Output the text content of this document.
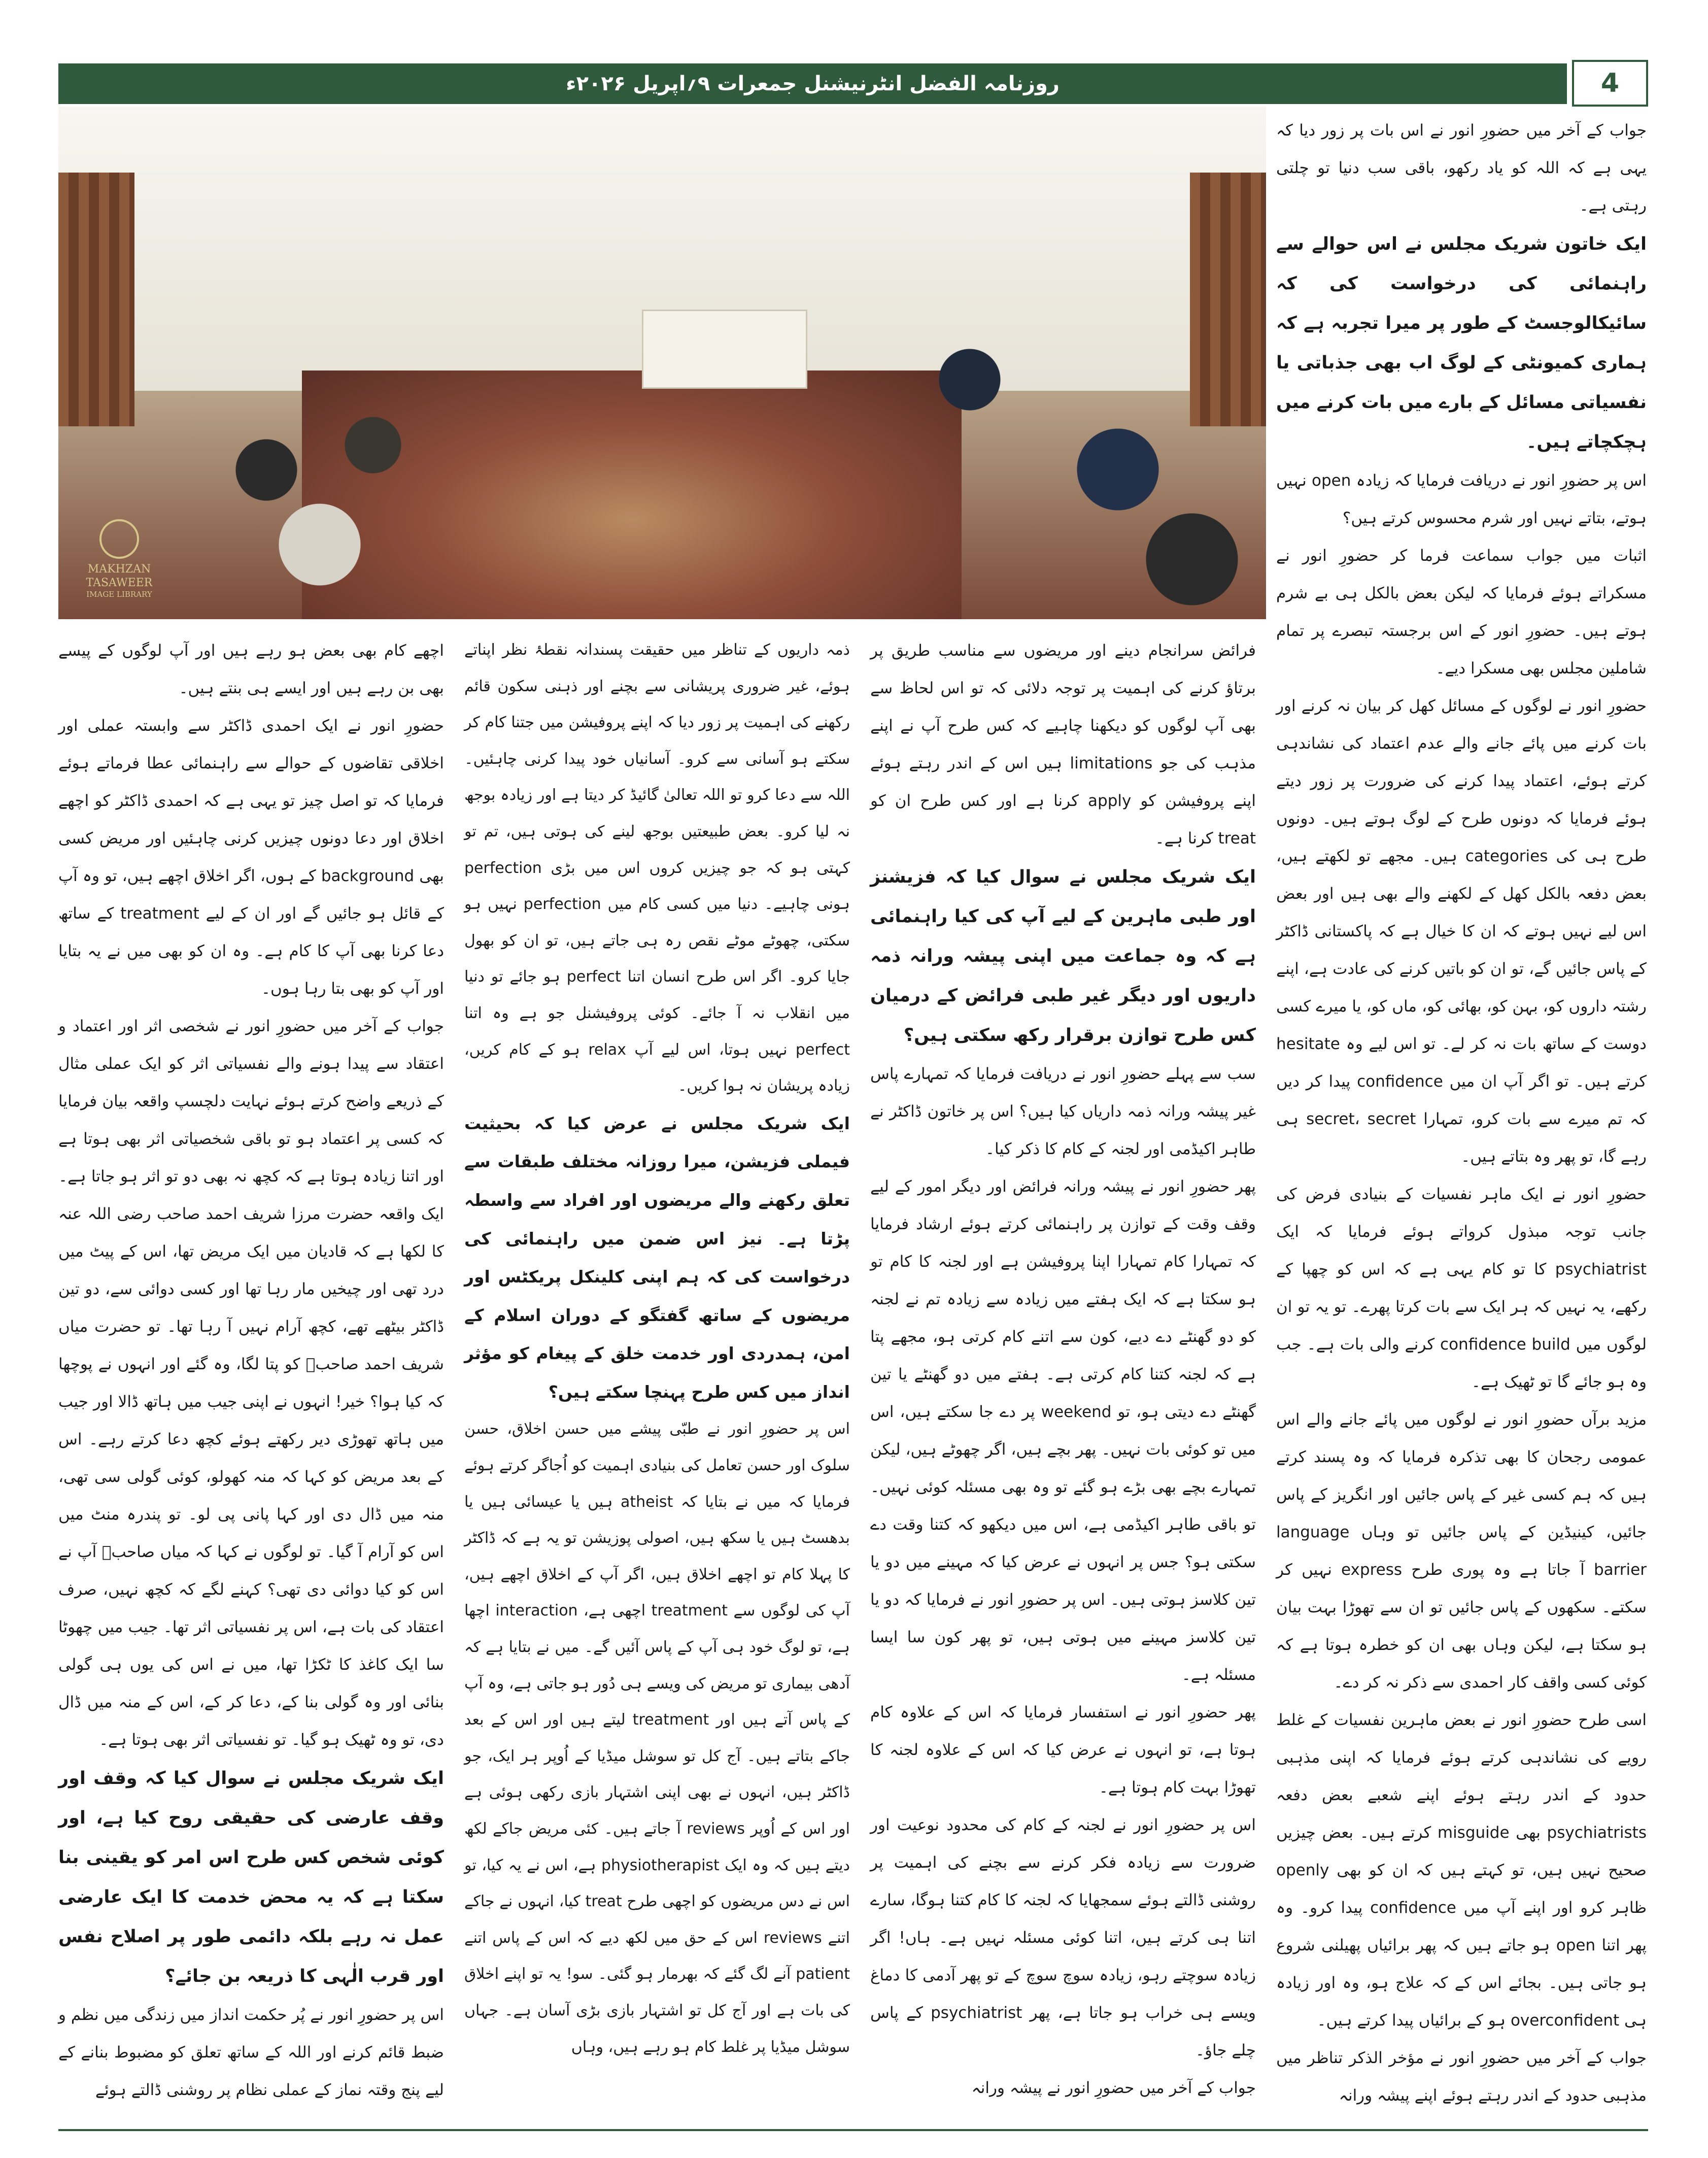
روزنامہ الفضل انٹرنیشنل جمعرات ۹؍اپریل ۲۰۲۶ء	4
MAKHZAN
TASAWEER
IMAGE LIBRARY

جواب کے آخر میں حضورِ انور نے اس بات پر زور دیا کہ یہی ہے کہ اللہ کو یاد رکھو، باقی سب دنیا تو چلتی رہتی ہے۔

ایک خاتون شریک مجلس نے اس حوالے سے راہنمائی کی درخواست کی کہ سائیکالوجسٹ کے طور پر میرا تجربہ ہے کہ ہماری کمیونٹی کے لوگ اب بھی جذباتی یا نفسیاتی مسائل کے بارے میں بات کرنے میں ہچکچاتے ہیں۔

اس پر حضورِ انور نے دریافت فرمایا کہ زیادہ open نہیں ہوتے، بتاتے نہیں اور شرم محسوس کرتے ہیں؟

اثبات میں جواب سماعت فرما کر حضورِ انور نے مسکراتے ہوئے فرمایا کہ لیکن بعض بالکل ہی بے شرم ہوتے ہیں۔ حضورِ انور کے اس برجستہ تبصرے پر تمام شاملین مجلس بھی مسکرا دیے۔

حضورِ انور نے لوگوں کے مسائل کھل کر بیان نہ کرنے اور بات کرنے میں پائے جانے والے عدم اعتماد کی نشاندہی کرتے ہوئے، اعتماد پیدا کرنے کی ضرورت پر زور دیتے ہوئے فرمایا کہ دونوں طرح کے لوگ ہوتے ہیں۔ دونوں طرح ہی کی categories ہیں۔ مجھے تو لکھتے ہیں، بعض دفعہ بالکل کھل کے لکھنے والے بھی ہیں اور بعض اس لیے نہیں ہوتے کہ ان کا خیال ہے کہ پاکستانی ڈاکٹر کے پاس جائیں گے، تو ان کو باتیں کرنے کی عادت ہے، اپنے رشتہ داروں کو، بہن کو، بھائی کو، ماں کو، یا میرے کسی دوست کے ساتھ بات نہ کر لے۔ تو اس لیے وہ hesitate کرتے ہیں۔ تو اگر آپ ان میں confidence پیدا کر دیں کہ تم میرے سے بات کرو، تمہارا secret، secret ہی رہے گا، تو پھر وہ بتاتے ہیں۔

حضورِ انور نے ایک ماہر نفسیات کے بنیادی فرض کی جانب توجہ مبذول کرواتے ہوئے فرمایا کہ ایک psychiatrist کا تو کام یہی ہے کہ اس کو چھپا کے رکھے، یہ نہیں کہ ہر ایک سے بات کرتا پھرے۔ تو یہ تو ان لوگوں میں confidence build کرنے والی بات ہے۔ جب وہ ہو جائے گا تو ٹھیک ہے۔

مزید برآں حضورِ انور نے لوگوں میں پائے جانے والے اس عمومی رجحان کا بھی تذکرہ فرمایا کہ وہ پسند کرتے ہیں کہ ہم کسی غیر کے پاس جائیں اور انگریز کے پاس جائیں، کینیڈین کے پاس جائیں تو وہاں language barrier آ جاتا ہے وہ پوری طرح express نہیں کر سکتے۔ سکھوں کے پاس جائیں تو ان سے تھوڑا بہت بیان ہو سکتا ہے، لیکن وہاں بھی ان کو خطرہ ہوتا ہے کہ کوئی کسی واقف کار احمدی سے ذکر نہ کر دے۔

اسی طرح حضورِ انور نے بعض ماہرین نفسیات کے غلط رویے کی نشاندہی کرتے ہوئے فرمایا کہ اپنی مذہبی حدود کے اندر رہتے ہوئے اپنے شعبے بعض دفعہ psychiatrists بھی misguide کرتے ہیں۔ بعض چیزیں صحیح نہیں ہیں، تو کہتے ہیں کہ ان کو بھی openly ظاہر کرو اور اپنے آپ میں confidence پیدا کرو۔ وہ پھر اتنا open ہو جاتے ہیں کہ پھر برائیاں پھیلنی شروع ہو جاتی ہیں۔ بجائے اس کے کہ علاج ہو، وہ اور زیادہ ہی overconfident ہو کے برائیاں پیدا کرتے ہیں۔

جواب کے آخر میں حضورِ انور نے مؤخر الذکر تناظر میں مذہبی حدود کے اندر رہتے ہوئے اپنے پیشہ ورانہ

فرائض سرانجام دینے اور مریضوں سے مناسب طریق پر برتاؤ کرنے کی اہمیت پر توجہ دلائی کہ تو اس لحاظ سے بھی آپ لوگوں کو دیکھنا چاہیے کہ کس طرح آپ نے اپنے مذہب کی جو limitations ہیں اس کے اندر رہتے ہوئے اپنے پروفیشن کو apply کرنا ہے اور کس طرح ان کو treat کرنا ہے۔

ایک شریک مجلس نے سوال کیا کہ فزیشنز اور طبی ماہرین کے لیے آپ کی کیا راہنمائی ہے کہ وہ جماعت میں اپنی پیشہ ورانہ ذمہ داریوں اور دیگر غیر طبی فرائض کے درمیان کس طرح توازن برقرار رکھ سکتی ہیں؟

سب سے پہلے حضورِ انور نے دریافت فرمایا کہ تمہارے پاس غیر پیشہ ورانہ ذمہ داریاں کیا ہیں؟ اس پر خاتون ڈاکٹر نے طاہر اکیڈمی اور لجنہ کے کام کا ذکر کیا۔

پھر حضورِ انور نے پیشہ ورانہ فرائض اور دیگر امور کے لیے وقف وقت کے توازن پر راہنمائی کرتے ہوئے ارشاد فرمایا کہ تمہارا کام تمہارا اپنا پروفیشن ہے اور لجنہ کا کام تو ہو سکتا ہے کہ ایک ہفتے میں زیادہ سے زیادہ تم نے لجنہ کو دو گھنٹے دے دیے، کون سے اتنے کام کرتی ہو، مجھے پتا ہے کہ لجنہ کتنا کام کرتی ہے۔ ہفتے میں دو گھنٹے یا تین گھنٹے دے دیتی ہو، تو weekend پر دے جا سکتے ہیں، اس میں تو کوئی بات نہیں۔ پھر بچے ہیں، اگر چھوٹے ہیں، لیکن تمہارے بچے بھی بڑے ہو گئے تو وہ بھی مسئلہ کوئی نہیں۔ تو باقی طاہر اکیڈمی ہے، اس میں دیکھو کہ کتنا وقت دے سکتی ہو؟ جس پر انہوں نے عرض کیا کہ مہینے میں دو یا تین کلاسز ہوتی ہیں۔ اس پر حضورِ انور نے فرمایا کہ دو یا تین کلاسز مہینے میں ہوتی ہیں، تو پھر کون سا ایسا مسئلہ ہے۔

پھر حضورِ انور نے استفسار فرمایا کہ اس کے علاوہ کام ہوتا ہے، تو انہوں نے عرض کیا کہ اس کے علاوہ لجنہ کا تھوڑا بہت کام ہوتا ہے۔

اس پر حضورِ انور نے لجنہ کے کام کی محدود نوعیت اور ضرورت سے زیادہ فکر کرنے سے بچنے کی اہمیت پر روشنی ڈالتے ہوئے سمجھایا کہ لجنہ کا کام کتنا ہوگا، سارے اتنا ہی کرتے ہیں، اتنا کوئی مسئلہ نہیں ہے۔ ہاں! اگر زیادہ سوچتے رہو، زیادہ سوچ سوچ کے تو پھر آدمی کا دماغ ویسے ہی خراب ہو جاتا ہے، پھر psychiatrist کے پاس چلے جاؤ۔

جواب کے آخر میں حضورِ انور نے پیشہ ورانہ

ذمہ داریوں کے تناظر میں حقیقت پسندانہ نقطۂ نظر اپناتے ہوئے، غیر ضروری پریشانی سے بچنے اور ذہنی سکون قائم رکھنے کی اہمیت پر زور دیا کہ اپنے پروفیشن میں جتنا کام کر سکتے ہو آسانی سے کرو۔ آسانیاں خود پیدا کرنی چاہئیں۔ اللہ سے دعا کرو تو اللہ تعالیٰ گائیڈ کر دیتا ہے اور زیادہ بوجھ نہ لیا کرو۔ بعض طبیعتیں بوجھ لینے کی ہوتی ہیں، تم تو کہتی ہو کہ جو چیزیں کروں اس میں بڑی perfection ہونی چاہیے۔ دنیا میں کسی کام میں perfection نہیں ہو سکتی، چھوٹے موٹے نقص رہ ہی جاتے ہیں، تو ان کو بھول جایا کرو۔ اگر اس طرح انسان اتنا perfect ہو جائے تو دنیا میں انقلاب نہ آ جائے۔ کوئی پروفیشنل جو ہے وہ اتنا perfect نہیں ہوتا، اس لیے آپ relax ہو کے کام کریں، زیادہ پریشان نہ ہوا کریں۔

ایک شریک مجلس نے عرض کیا کہ بحیثیت فیملی فزیشن، میرا روزانہ مختلف طبقات سے تعلق رکھنے والے مریضوں اور افراد سے واسطہ پڑتا ہے۔ نیز اس ضمن میں راہنمائی کی درخواست کی کہ ہم اپنی کلینکل پریکٹس اور مریضوں کے ساتھ گفتگو کے دوران اسلام کے امن، ہمدردی اور خدمت خلق کے پیغام کو مؤثر انداز میں کس طرح پہنچا سکتے ہیں؟

اس پر حضورِ انور نے طبّی پیشے میں حسن اخلاق، حسن سلوک اور حسن تعامل کی بنیادی اہمیت کو اُجاگر کرتے ہوئے فرمایا کہ میں نے بتایا کہ atheist ہیں یا عیسائی ہیں یا بدھسٹ ہیں یا سکھ ہیں، اصولی پوزیشن تو یہ ہے کہ ڈاکٹر کا پہلا کام تو اچھے اخلاق ہیں، اگر آپ کے اخلاق اچھے ہیں، آپ کی لوگوں سے treatment اچھی ہے، interaction اچھا ہے، تو لوگ خود ہی آپ کے پاس آئیں گے۔ میں نے بتایا ہے کہ آدھی بیماری تو مریض کی ویسے ہی دُور ہو جاتی ہے، وہ آپ کے پاس آتے ہیں اور treatment لیتے ہیں اور اس کے بعد جاکے بتاتے ہیں۔ آج کل تو سوشل میڈیا کے اُوپر ہر ایک، جو ڈاکٹر ہیں، انہوں نے بھی اپنی اشتہار بازی رکھی ہوئی ہے اور اس کے اُوپر reviews آ جاتے ہیں۔ کئی مریض جاکے لکھ دیتے ہیں کہ وہ ایک physiotherapist ہے، اس نے یہ کیا، تو اس نے دس مریضوں کو اچھی طرح treat کیا، انہوں نے جاکے اتنے reviews اس کے حق میں لکھ دیے کہ اس کے پاس اتنے patient آنے لگ گئے کہ بھرمار ہو گئی۔ سو! یہ تو اپنے اخلاق کی بات ہے اور آج کل تو اشتہار بازی بڑی آسان ہے۔ جہاں سوشل میڈیا پر غلط کام ہو رہے ہیں، وہاں

اچھے کام بھی بعض ہو رہے ہیں اور آپ لوگوں کے پیسے بھی بن رہے ہیں اور ایسے ہی بنتے ہیں۔

حضورِ انور نے ایک احمدی ڈاکٹر سے وابستہ عملی اور اخلاقی تقاضوں کے حوالے سے راہنمائی عطا فرماتے ہوئے فرمایا کہ تو اصل چیز تو یہی ہے کہ احمدی ڈاکٹر کو اچھے اخلاق اور دعا دونوں چیزیں کرنی چاہئیں اور مریض کسی بھی background کے ہوں، اگر اخلاق اچھے ہیں، تو وہ آپ کے قائل ہو جائیں گے اور ان کے لیے treatment کے ساتھ دعا کرنا بھی آپ کا کام ہے۔ وہ ان کو بھی میں نے یہ بتایا اور آپ کو بھی بتا رہا ہوں۔

جواب کے آخر میں حضورِ انور نے شخصی اثر اور اعتماد و اعتقاد سے پیدا ہونے والے نفسیاتی اثر کو ایک عملی مثال کے ذریعے واضح کرتے ہوئے نہایت دلچسپ واقعہ بیان فرمایا کہ کسی پر اعتماد ہو تو باقی شخصیاتی اثر بھی ہوتا ہے اور اتنا زیادہ ہوتا ہے کہ کچھ نہ بھی دو تو اثر ہو جاتا ہے۔ ایک واقعہ حضرت مرزا شریف احمد صاحب رضی اللہ عنہ کا لکھا ہے کہ قادیان میں ایک مریض تھا، اس کے پیٹ میں درد تھی اور چیخیں مار رہا تھا اور کسی دوائی سے، دو تین ڈاکٹر بیٹھے تھے، کچھ آرام نہیں آ رہا تھا۔ تو حضرت میاں شریف احمد صاحبؓ کو پتا لگا، وہ گئے اور انہوں نے پوچھا کہ کیا ہوا؟ خیر! انہوں نے اپنی جیب میں ہاتھ ڈالا اور جیب میں ہاتھ تھوڑی دیر رکھتے ہوئے کچھ دعا کرتے رہے۔ اس کے بعد مریض کو کہا کہ منہ کھولو، کوئی گولی سی تھی، منہ میں ڈال دی اور کہا پانی پی لو۔ تو پندرہ منٹ میں اس کو آرام آ گیا۔ تو لوگوں نے کہا کہ میاں صاحبؓ آپ نے اس کو کیا دوائی دی تھی؟ کہنے لگے کہ کچھ نہیں، صرف اعتقاد کی بات ہے، اس پر نفسیاتی اثر تھا۔ جیب میں چھوٹا سا ایک کاغذ کا ٹکڑا تھا، میں نے اس کی یوں ہی گولی بنائی اور وہ گولی بنا کے، دعا کر کے، اس کے منہ میں ڈال دی، تو وہ ٹھیک ہو گیا۔ تو نفسیاتی اثر بھی ہوتا ہے۔

ایک شریک مجلس نے سوال کیا کہ وقف اور وقف عارضی کی حقیقی روح کیا ہے، اور کوئی شخص کس طرح اس امر کو یقینی بنا سکتا ہے کہ یہ محض خدمت کا ایک عارضی عمل نہ رہے بلکہ دائمی طور پر اصلاح نفس اور قرب الٰہی کا ذریعہ بن جائے؟

اس پر حضورِ انور نے پُر حکمت انداز میں زندگی میں نظم و ضبط قائم کرنے اور اللہ کے ساتھ تعلق کو مضبوط بنانے کے لیے پنج وقتہ نماز کے عملی نظام پر روشنی ڈالتے ہوئے
